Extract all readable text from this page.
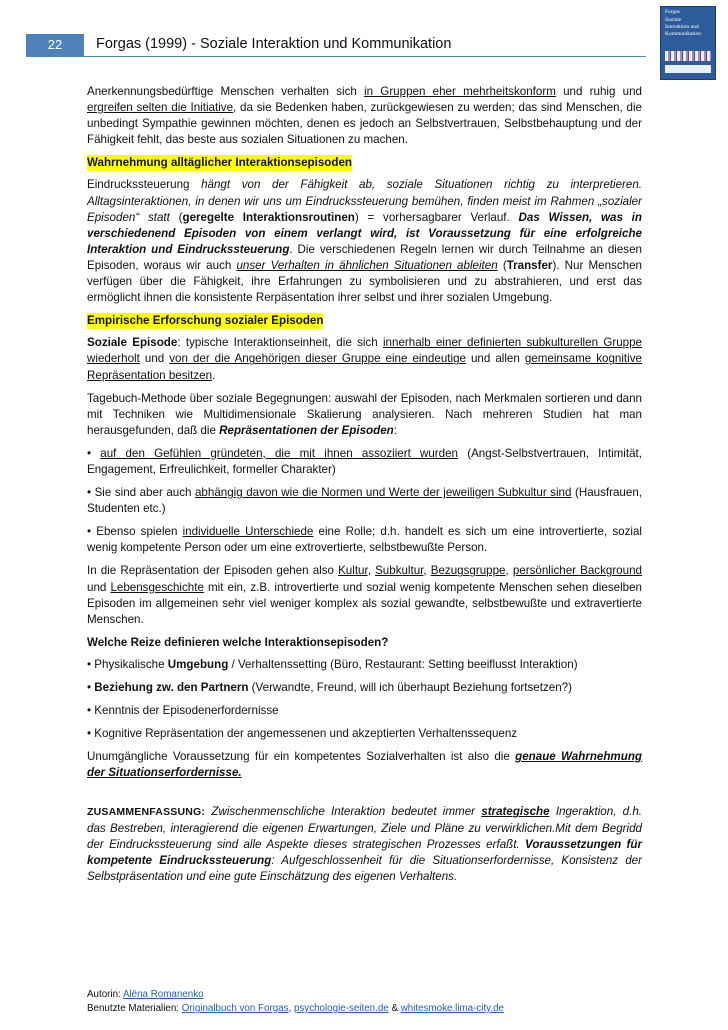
22	Forgas (1999) - Soziale Interaktion und Kommunikation
Forgas
Soziale
Interaktion und
Kommunikation

Anerkennungsbedürftige Menschen verhalten sich in Gruppen eher mehrheitskonform und ruhig und ergreifen selten die Initiative, da sie Bedenken haben, zurückgewiesen zu werden; das sind Menschen, die unbedingt Sympathie gewinnen möchten, denen es jedoch an Selbstvertrauen, Selbstbehauptung und der Fähigkeit fehlt, das beste aus sozialen Situationen zu machen.

Wahrnehmung alltäglicher Interaktionsepisoden

Eindruckssteuerung hängt von der Fähigkeit ab, soziale Situationen richtig zu interpretieren. Alltagsinteraktionen, in denen wir uns um Eindruckssteuerung bemühen, finden meist im Rahmen „sozialer Episoden“ statt (geregelte Interaktionsroutinen) = vorhersagbarer Verlauf. Das Wissen, was in verschiedenend Episoden von einem verlangt wird, ist Voraussetzung für eine erfolgreiche Interaktion und Eindruckssteuerung. Die verschiedenen Regeln lernen wir durch Teilnahme an diesen Episoden, woraus wir auch unser Verhalten in ähnlichen Situationen ableiten (Transfer). Nur Menschen verfügen über die Fähigkeit, ihre Erfahrungen zu symbolisieren und zu abstrahieren, und erst das ermöglicht ihnen die konsistente Rerpäsentation ihrer selbst und ihrer sozialen Umgebung.

Empirische Erforschung sozialer Episoden

Soziale Episode: typische Interaktionseinheit, die sich innerhalb einer definierten subkulturellen Gruppe wiederholt und von der die Angehörigen dieser Gruppe eine eindeutige und allen gemeinsame kognitive Repräsentation besitzen.

Tagebuch-Methode über soziale Begegnungen: auswahl der Episoden, nach Merkmalen sortieren und dann mit Techniken wie Multidimensionale Skalierung analysieren. Nach mehreren Studien hat man herausgefunden, daß die Repräsentationen der Episoden:

• auf den Gefühlen gründeten, die mit ihnen assoziiert wurden (Angst-Selbstvertrauen, Intimität, Engagement, Erfreulichkeit, formeller Charakter)

• Sie sind aber auch abhängig davon wie die Normen und Werte der jeweiligen Subkultur sind (Hausfrauen, Studenten etc.)

• Ebenso spielen individuelle Unterschiede eine Rolle; d.h. handelt es sich um eine introvertierte, sozial wenig kompetente Person oder um eine extrovertierte, selbstbewußte Person.

In die Repräsentation der Episoden gehen also Kultur, Subkultur, Bezugsgruppe, persönlicher Background und Lebensgeschichte mit ein, z.B. introvertierte und sozial wenig kompetente Menschen sehen dieselben Episoden im allgemeinen sehr viel weniger komplex als sozial gewandte, selbstbewußte und extravertierte Menschen.

Welche Reize definieren welche Interaktionsepisoden?

• Physikalische Umgebung / Verhaltenssetting (Büro, Restaurant: Setting beeiflusst Interaktion)

• Beziehung zw. den Partnern (Verwandte, Freund, will ich überhaupt Beziehung fortsetzen?)

• Kenntnis der Episodenerfordernisse

• Kognitive Repräsentation der angemessenen und akzeptierten Verhaltenssequenz

Unumgängliche Voraussetzung für ein kompetentes Sozialverhalten ist also die genaue Wahrnehmung der Situationserfordernisse.

ZUSAMMENFASSUNG: Zwischenmenschliche Interaktion bedeutet immer strategische Ingeraktion, d.h. das Bestreben, interagierend die eigenen Erwartungen, Ziele und Pläne zu verwirklichen.Mit dem Begridd der Eindruckssteuerung sind alle Aspekte dieses strategischen Prozesses erfaßt. Voraussetzungen für kompetente Eindruckssteuerung: Aufgeschlossenheit für die Situationserfordernisse, Konsistenz der Selbstpräsentation und eine gute Einschätzung des eigenen Verhaltens.

Autorin: Alëna Romanenko
Benutzte Materialien: Originalbuch von Forgas, psychologie-seiten.de & whitesmoke.lima-city.de
